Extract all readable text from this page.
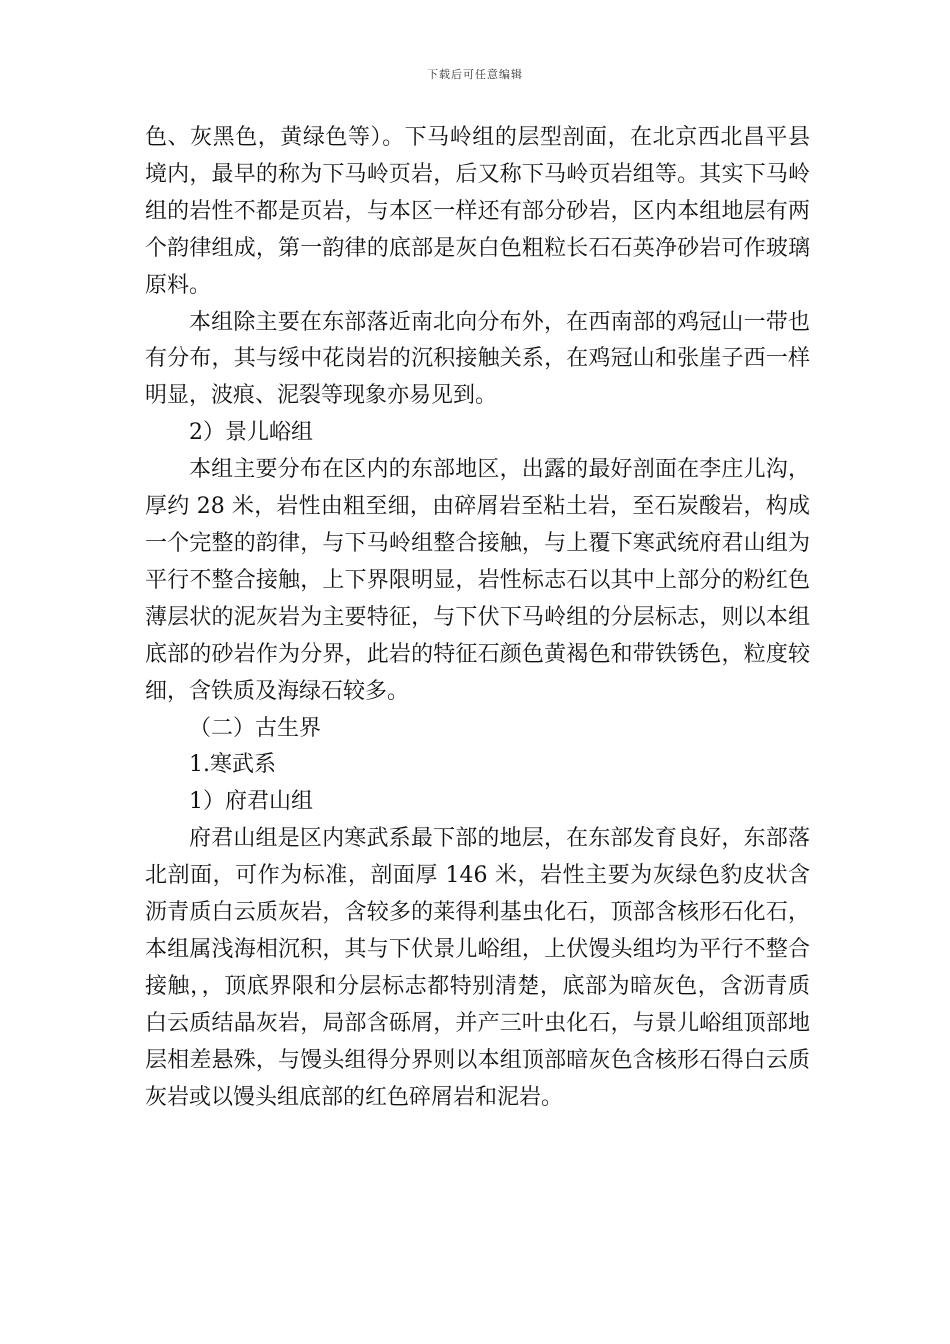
下载后可任意编辑

色、灰黑色，黄绿色等）。下马岭组的层型剖面，在北京西北昌平县境内，最早的称为下马岭页岩，后又称下马岭页岩组等。其实下马岭组的岩性不都是页岩，与本区一样还有部分砂岩，区内本组地层有两个韵律组成，第一韵律的底部是灰白色粗粒长石石英净砂岩可作玻璃原料。

本组除主要在东部落近南北向分布外，在西南部的鸡冠山一带也有分布，其与绥中花岗岩的沉积接触关系，在鸡冠山和张崖子西一样明显，波痕、泥裂等现象亦易见到。

2）景儿峪组

本组主要分布在区内的东部地区，出露的最好剖面在李庄儿沟，厚约 28 米，岩性由粗至细，由碎屑岩至粘土岩，至石炭酸岩，构成一个完整的韵律，与下马岭组整合接触，与上覆下寒武统府君山组为平行不整合接触，上下界限明显，岩性标志石以其中上部分的粉红色薄层状的泥灰岩为主要特征，与下伏下马岭组的分层标志，则以本组底部的砂岩作为分界，此岩的特征石颜色黄褐色和带铁锈色，粒度较细，含铁质及海绿石较多。

（二）古生界

1.寒武系

1）府君山组

府君山组是区内寒武系最下部的地层，在东部发育良好，东部落北剖面，可作为标准，剖面厚 146 米，岩性主要为灰绿色豹皮状含沥青质白云质灰岩，含较多的莱得利基虫化石，顶部含核形石化石，本组属浅海相沉积，其与下伏景儿峪组，上伏馒头组均为平行不整合接触，，顶底界限和分层标志都特别清楚，底部为暗灰色，含沥青质白云质结晶灰岩，局部含砾屑，并产三叶虫化石，与景儿峪组顶部地层相差悬殊，与馒头组得分界则以本组顶部暗灰色含核形石得白云质灰岩或以馒头组底部的红色碎屑岩和泥岩。
